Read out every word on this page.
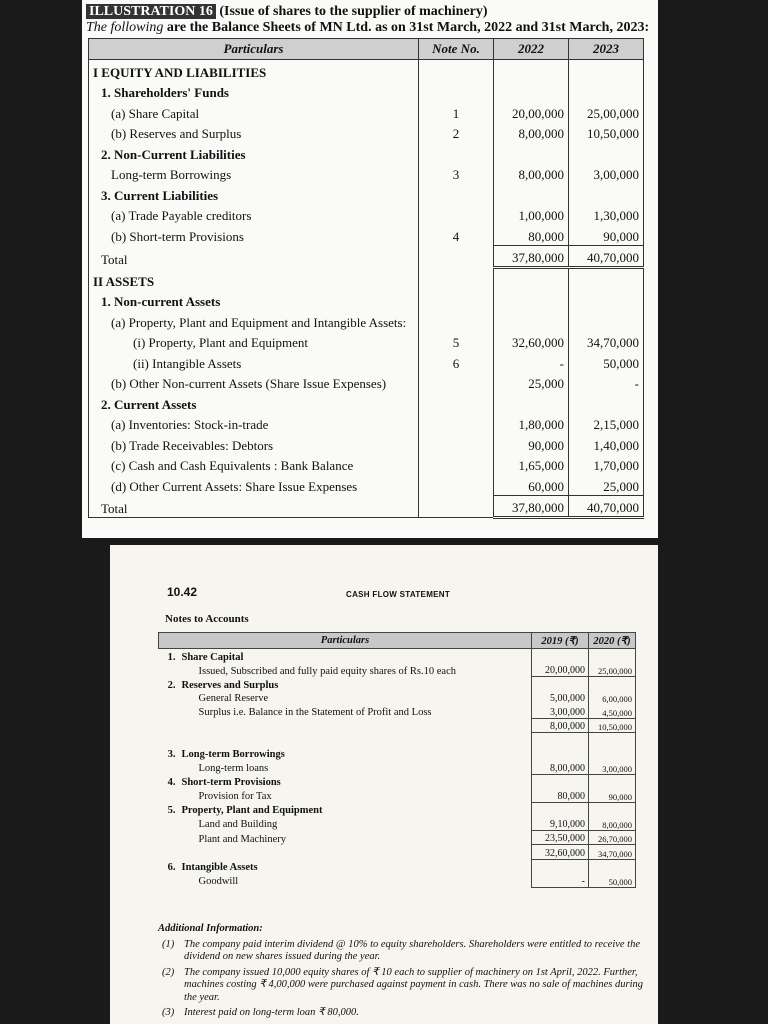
ILLUSTRATION 16 (Issue of shares to the supplier of machinery)
The following are the Balance Sheets of MN Ltd. as on 31st March, 2022 and 31st March, 2023:
Particulars	Note No.	2022	2023
I EQUITY AND LIABILITIES			
1. Shareholders' Funds			
(a) Share Capital	1	20,00,000	25,00,000
(b) Reserves and Surplus	2	8,00,000	10,50,000
2. Non-Current Liabilities			
Long-term Borrowings	3	8,00,000	3,00,000
3. Current Liabilities			
(a) Trade Payable creditors		1,00,000	1,30,000
(b) Short-term Provisions	4	80,000	90,000
Total		37,80,000	40,70,000
II ASSETS			
1. Non-current Assets			
(a) Property, Plant and Equipment and Intangible Assets:			
(i) Property, Plant and Equipment	5	32,60,000	34,70,000
(ii) Intangible Assets	6	-	50,000
(b) Other Non-current Assets (Share Issue Expenses)		25,000	-
2. Current Assets			
(a) Inventories: Stock-in-trade		1,80,000	2,15,000
(b) Trade Receivables: Debtors		90,000	1,40,000
(c) Cash and Cash Equivalents : Bank Balance		1,65,000	1,70,000
(d) Other Current Assets: Share Issue Expenses		60,000	25,000
Total		37,80,000	40,70,000
10.42	CASH FLOW STATEMENT
Notes to Accounts
Particulars		2019 (₹)	2020 (₹)
1.	Share Capital		
	Issued, Subscribed and fully paid equity shares of Rs.10 each	20,00,000	25,00,000
2.	Reserves and Surplus		
	General Reserve	5,00,000	6,00,000
	Surplus i.e. Balance in the Statement of Profit and Loss	3,00,000	4,50,000
		8,00,000	10,50,000

3.	Long-term Borrowings		
	Long-term loans	8,00,000	3,00,000
4.	Short-term Provisions		
	Provision for Tax	80,000	90,000
5.	Property, Plant and Equipment		
	Land and Building	9,10,000	8,00,000
	Plant and Machinery	23,50,000	26,70,000
		32,60,000	34,70,000
6.	Intangible Assets		
	Goodwill	-	50,000
Additional Information:
(1) The company paid interim dividend @ 10% to equity shareholders. Shareholders were entitled to receive the dividend on new shares issued during the year.
(2) The company issued 10,000 equity shares of ₹ 10 each to supplier of machinery on 1st April, 2022. Further, machines costing ₹ 4,00,000 were purchased against payment in cash. There was no sale of machines during the year.
(3) Interest paid on long-term loan ₹ 80,000.
